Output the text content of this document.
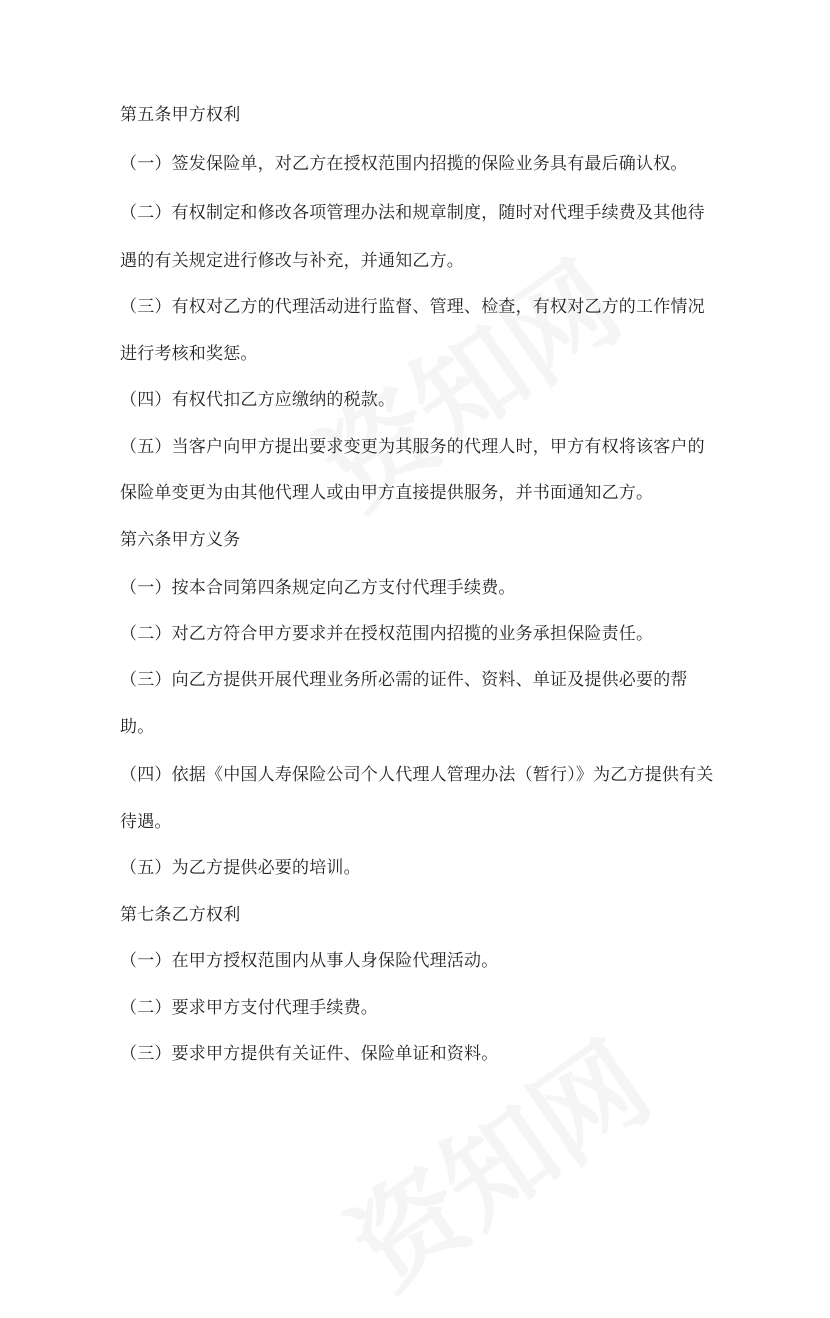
第五条甲方权利
（一）签发保险单，对乙方在授权范围内招揽的保险业务具有最后确认权。
（二）有权制定和修改各项管理办法和规章制度，随时对代理手续费及其他待
遇的有关规定进行修改与补充，并通知乙方。
（三）有权对乙方的代理活动进行监督、管理、检查，有权对乙方的工作情况
进行考核和奖惩。
（四）有权代扣乙方应缴纳的税款。
（五）当客户向甲方提出要求变更为其服务的代理人时，甲方有权将该客户的
保险单变更为由其他代理人或由甲方直接提供服务，并书面通知乙方。
第六条甲方义务
（一）按本合同第四条规定向乙方支付代理手续费。
（二）对乙方符合甲方要求并在授权范围内招揽的业务承担保险责任。
（三）向乙方提供开展代理业务所必需的证件、资料、单证及提供必要的帮
助。
（四）依据《中国人寿保险公司个人代理人管理办法（暂行）》为乙方提供有关
待遇。
（五）为乙方提供必要的培训。
第七条乙方权利
（一）在甲方授权范围内从事人身保险代理活动。
（二）要求甲方支付代理手续费。
（三）要求甲方提供有关证件、保险单证和资料。
